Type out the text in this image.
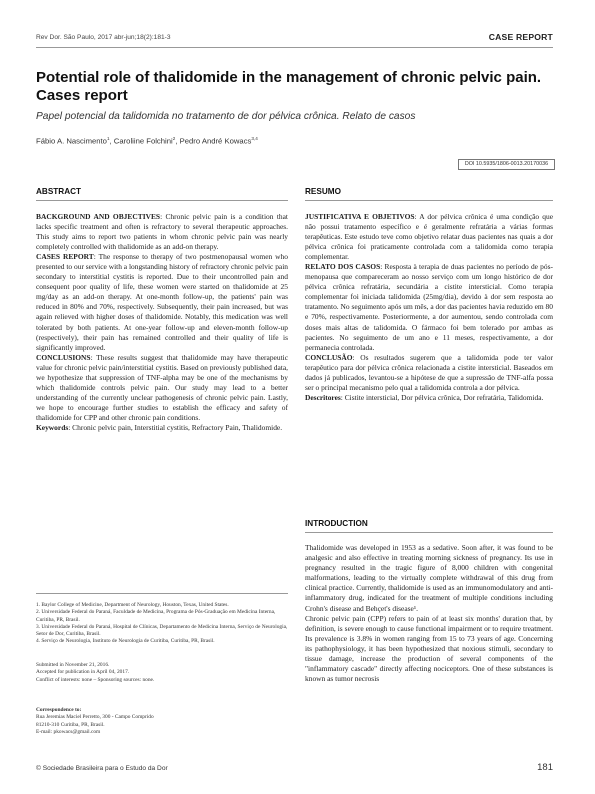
Rev Dor. São Paulo, 2017 abr-jun;18(2):181-3	CASE REPORT
Potential role of thalidomide in the management of chronic pelvic pain. Cases report
Papel potencial da talidomida no tratamento de dor pélvica crônica. Relato de casos
Fábio A. Nascimento$^1$, Caroliine Folchini$^2$, Pedro André Kowacs$^{3,4}$
DOI 10.5935/1806-0013.20170036
ABSTRACT

BACKGROUND AND OBJECTIVES: Chronic pelvic pain is a condition that lacks specific treatment and often is refractory to several therapeutic approaches. This study aims to report two patients in whom chronic pelvic pain was nearly completely controlled with thalidomide as an add-on therapy.

CASES REPORT: The response to therapy of two postmenopausal women who presented to our service with a longstanding history of refractory chronic pelvic pain secondary to interstitial cystitis is reported. Due to their uncontrolled pain and consequent poor quality of life, these women were started on thalidomide at 25 mg/day as an add-on therapy. At one-month follow-up, the patients' pain was reduced in 80% and 70%, respectively. Subsequently, their pain increased, but was again relieved with higher doses of thalidomide. Notably, this medication was well tolerated by both patients. At one-year follow-up and eleven-month follow-up (respectively), their pain has remained controlled and their quality of life is significantly improved.

CONCLUSIONS: These results suggest that thalidomide may have therapeutic value for chronic pelvic pain/interstitial cystitis. Based on previously published data, we hypothesize that suppression of TNF-alpha may be one of the mechanisms by which thalidomide controls pelvic pain. Our study may lead to a better understanding of the currently unclear pathogenesis of chronic pelvic pain. Lastly, we hope to encourage further studies to establish the efficacy and safety of thalidomide for CPP and other chronic pain conditions.

Keywords: Chronic pelvic pain, Interstitial cystitis, Refractory Pain, Thalidomide.

RESUMO

JUSTIFICATIVA E OBJETIVOS: A dor pélvica crônica é uma condição que não possui tratamento específico e é geralmente refratária a várias formas terapêuticas. Este estudo teve como objetivo relatar duas pacientes nas quais a dor pélvica crônica foi praticamente controlada com a talidomida como terapia complementar.

RELATO DOS CASOS: Resposta à terapia de duas pacientes no período de pós-menopausa que compareceram ao nosso serviço com um longo histórico de dor pélvica crônica refratária, secundária a cistite intersticial. Como terapia complementar foi iniciada talidomida (25mg/dia), devido à dor sem resposta ao tratamento. No seguimento após um mês, a dor das pacientes havia reduzido em 80 e 70%, respectivamente. Posteriormente, a dor aumentou, sendo controlada com doses mais altas de talidomida. O fármaco foi bem tolerado por ambas as pacientes. No seguimento de um ano e 11 meses, respectivamente, a dor permanecia controlada.

CONCLUSÃO: Os resultados sugerem que a talidomida pode ter valor terapêutico para dor pélvica crônica relacionada a cistite intersticial. Baseados em dados já publicados, levantou-se a hipótese de que a supressão de TNF-alfa possa ser o principal mecanismo pelo qual a talidomida controla a dor pélvica.

Descritores: Cistite intersticial, Dor pélvica crônica, Dor refratária, Talidomida.

INTRODUCTION

Thalidomide was developed in 1953 as a sedative. Soon after, it was found to be analgesic and also effective in treating morning sickness of pregnancy. Its use in pregnancy resulted in the tragic figure of 8,000 children with congenital malformations, leading to the virtually complete withdrawal of this drug from clinical practice. Currently, thalidomide is used as an immunomodulatory and anti-inflammatory drug, indicated for the treatment of multiple conditions including Crohn's disease and Behçet's disease¹.

Chronic pelvic pain (CPP) refers to pain of at least six months' duration that, by definition, is severe enough to cause functional impairment or to require treatment. Its prevalence is 3.8% in women ranging from 15 to 73 years of age. Concerning its pathophysiology, it has been hypothesized that noxious stimuli, secondary to tissue damage, increase the production of several components of the "inflammatory cascade" directly affecting nociceptors. One of these substances is known as tumor necrosis

1. Baylor College of Medicine, Department of Neurology, Houston, Texas, United States.
2. Universidade Federal do Paraná, Faculdade de Medicina, Programa de Pós-Graduação em Medicina Interna, Curitiba, PR, Brasil.
3. Universidade Federal do Paraná, Hospital de Clínicas, Departamento de Medicina Interna, Serviço de Neurologia, Setor de Dor, Curitiba, Brasil.
4. Serviço de Neurologia, Instituto de Neurologia de Curitiba, Curitiba, PR, Brasil.
Submitted in November 21, 2016.
Accepted for publication in April 04, 2017.
Conflict of interests: none – Sponsoring sources: none.
Correspondence to:
Rua Jeremias Maciel Perretto, 300 - Campo Comprido
81210-310 Curitiba, PR, Brasil.
E-mail: pkowacs@gmail.com
© Sociedade Brasileira para o Estudo da Dor	181
